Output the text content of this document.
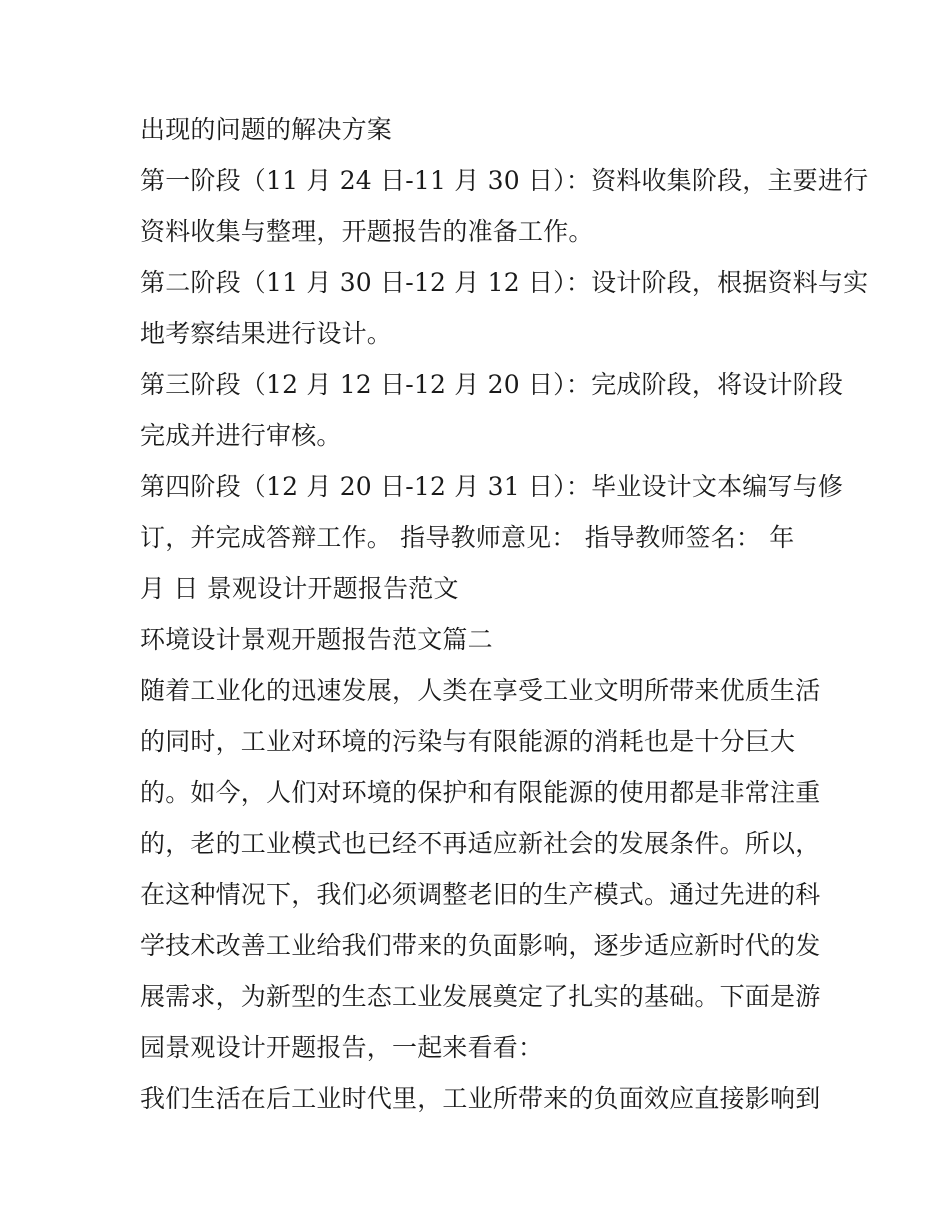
出现的问题的解决方案
第一阶段（11 月 24 日-11 月 30 日）：资料收集阶段，主要进行
资料收集与整理，开题报告的准备工作。
第二阶段（11 月 30 日-12 月 12 日）：设计阶段，根据资料与实
地考察结果进行设计。
第三阶段（12 月 12 日-12 月 20 日）：完成阶段，将设计阶段
完成并进行审核。
第四阶段（12 月 20 日-12 月 31 日）：毕业设计文本编写与修
订，并完成答辩工作。 指导教师意见： 指导教师签名： 年
月 日 景观设计开题报告范文
环境设计景观开题报告范文篇二
随着工业化的迅速发展，人类在享受工业文明所带来优质生活
的同时，工业对环境的污染与有限能源的消耗也是十分巨大
的。如今，人们对环境的保护和有限能源的使用都是非常注重
的，老的工业模式也已经不再适应新社会的发展条件。所以，
在这种情况下，我们必须调整老旧的生产模式。通过先进的科
学技术改善工业给我们带来的负面影响，逐步适应新时代的发
展需求，为新型的生态工业发展奠定了扎实的基础。下面是游
园景观设计开题报告，一起来看看：
我们生活在后工业时代里，工业所带来的负面效应直接影响到
